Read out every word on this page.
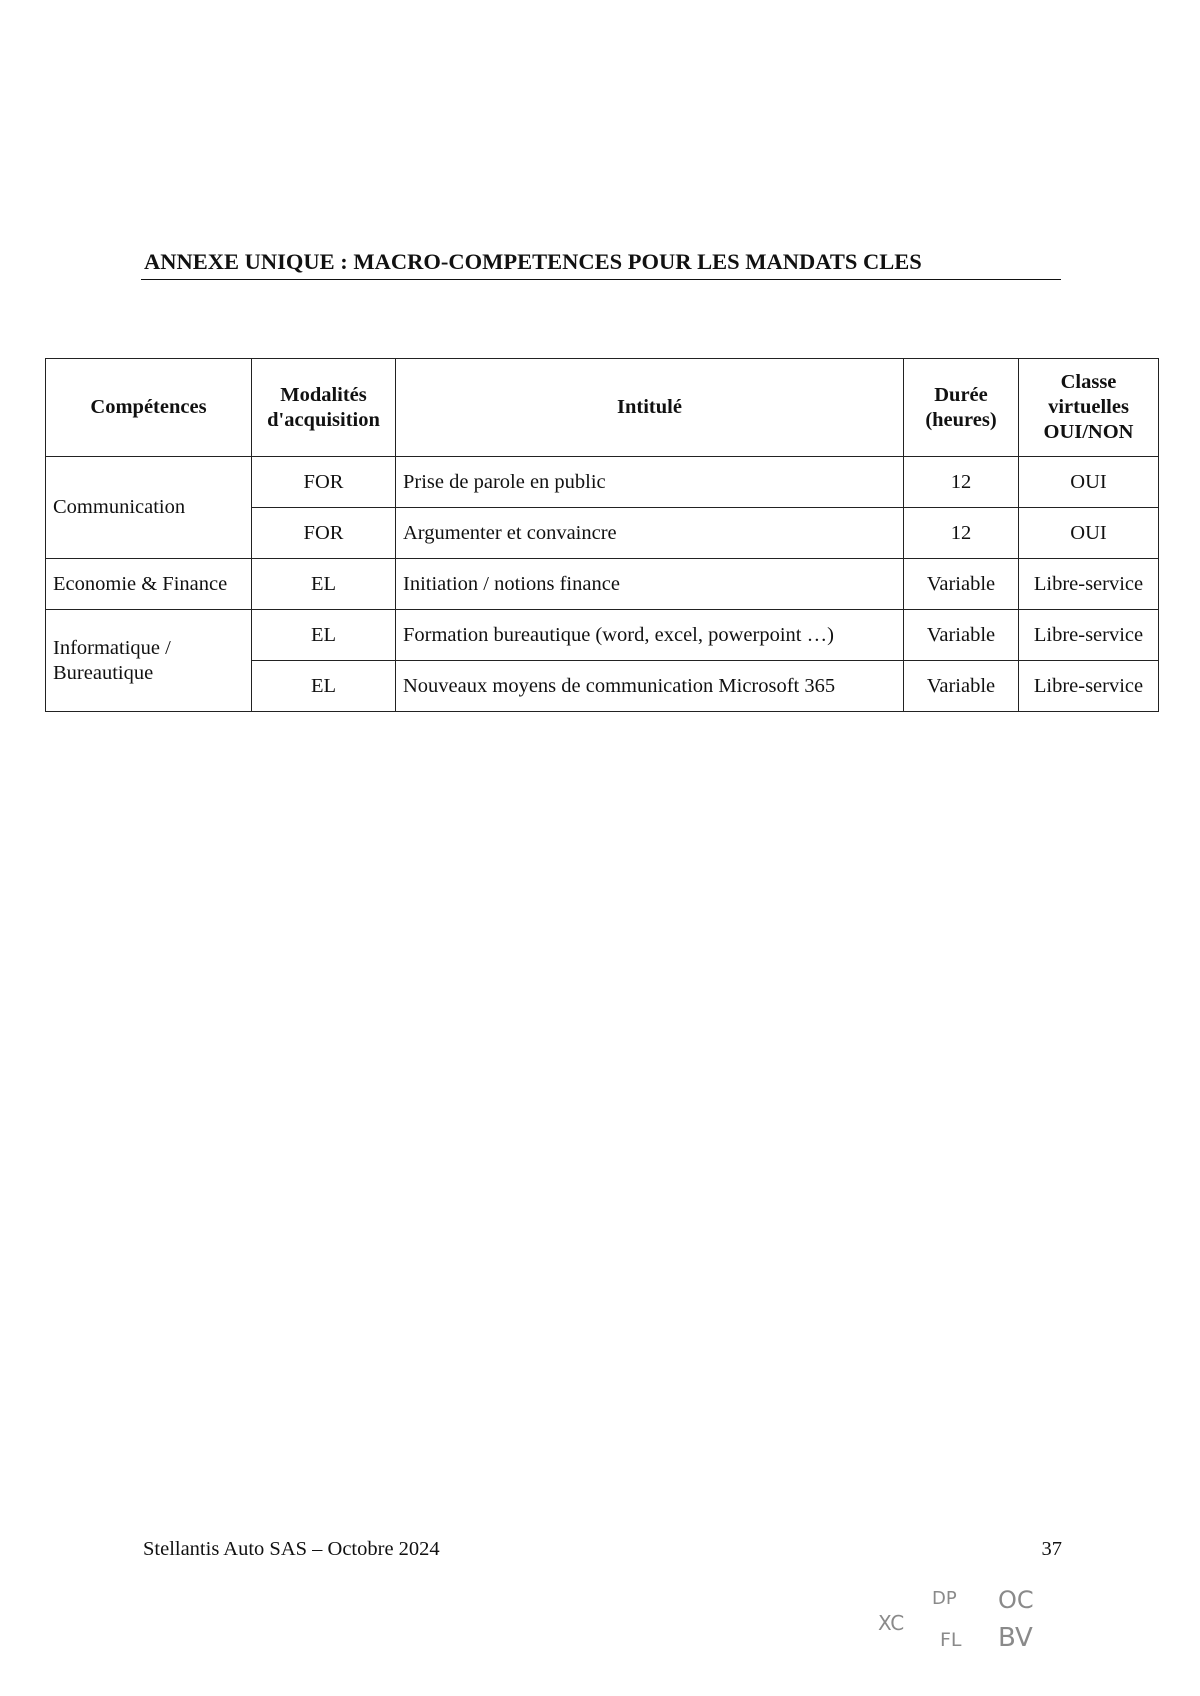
ANNEXE UNIQUE : MACRO-COMPETENCES POUR LES MANDATS CLES
Compétences	Modalités d'acquisition	Intitulé	Durée (heures)	Classe virtuelles OUI/NON
Communication	FOR	Prise de parole en public	12	OUI
	FOR	Argumenter et convaincre	12	OUI
Economie & Finance	EL	Initiation / notions finance	Variable	Libre-service
Informatique / Bureautique	EL	Formation bureautique (word, excel, powerpoint …)	Variable	Libre-service
	EL	Nouveaux moyens de communication Microsoft 365	Variable	Libre-service
Stellantis Auto SAS – Octobre 2024	37
XC
DP OC
FL BV
